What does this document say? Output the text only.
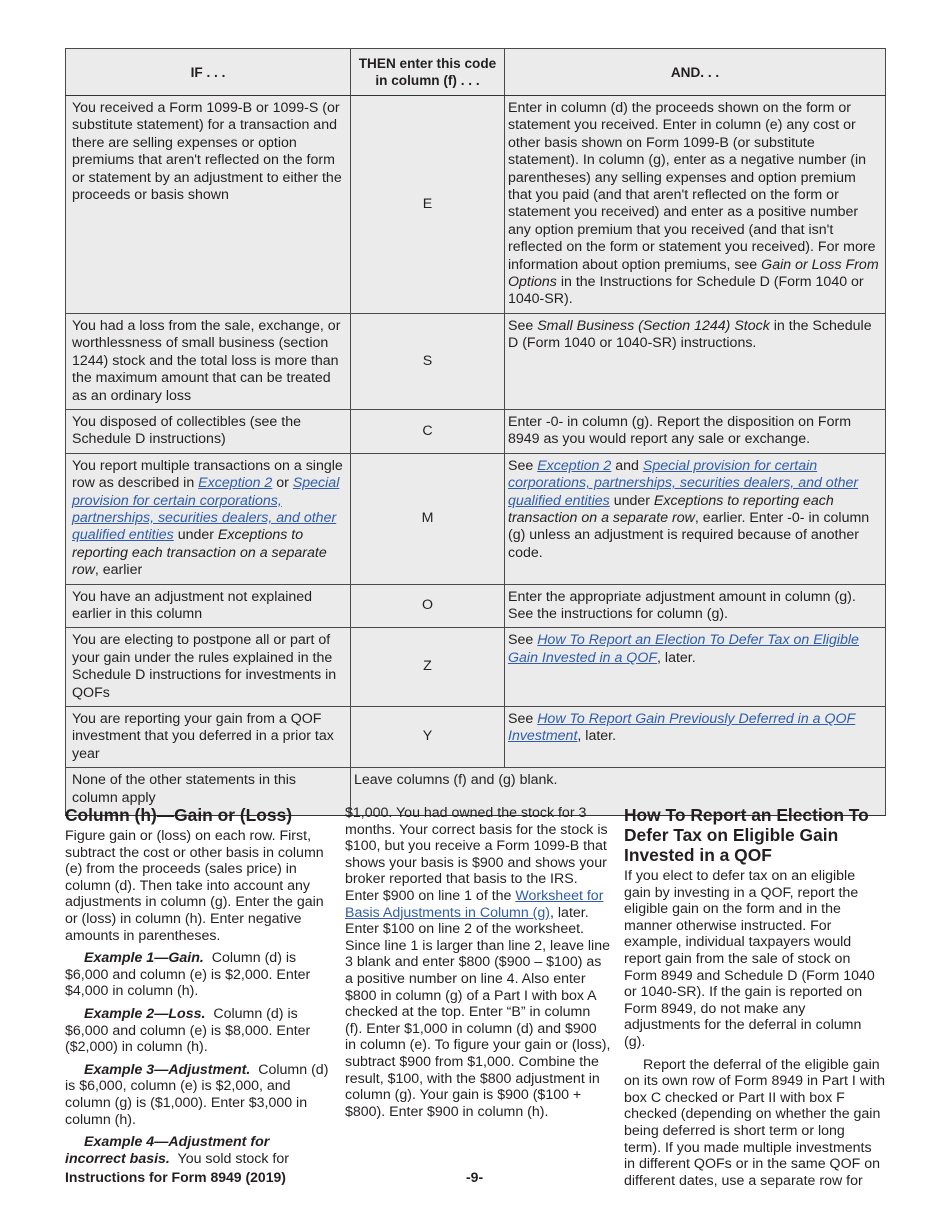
IF . . .	THEN enter this code in column (f) . . .	AND. . .
You received a Form 1099-B or 1099-S (or substitute statement) for a transaction and there are selling expenses or option premiums that aren't reflected on the form or statement by an adjustment to either the proceeds or basis shown	E	Enter in column (d) the proceeds shown on the form or statement you received. Enter in column (e) any cost or other basis shown on Form 1099-B (or substitute statement). In column (g), enter as a negative number (in parentheses) any selling expenses and option premium that you paid (and that aren't reflected on the form or statement you received) and enter as a positive number any option premium that you received (and that isn't reflected on the form or statement you received). For more information about option premiums, see Gain or Loss From Options in the Instructions for Schedule D (Form 1040 or 1040-SR).
You had a loss from the sale, exchange, or worthlessness of small business (section 1244) stock and the total loss is more than the maximum amount that can be treated as an ordinary loss	S	See Small Business (Section 1244) Stock in the Schedule D (Form 1040 or 1040-SR) instructions.
You disposed of collectibles (see the Schedule D instructions)	C	Enter -0- in column (g). Report the disposition on Form 8949 as you would report any sale or exchange.
You report multiple transactions on a single row as described in Exception 2 or Special provision for certain corporations, partnerships, securities dealers, and other qualified entities under Exceptions to reporting each transaction on a separate row, earlier	M	See Exception 2 and Special provision for certain corporations, partnerships, securities dealers, and other qualified entities under Exceptions to reporting each transaction on a separate row, earlier. Enter -0- in column (g) unless an adjustment is required because of another code.
You have an adjustment not explained earlier in this column	O	Enter the appropriate adjustment amount in column (g). See the instructions for column (g).
You are electing to postpone all or part of your gain under the rules explained in the Schedule D instructions for investments in QOFs	Z	See How To Report an Election To Defer Tax on Eligible Gain Invested in a QOF, later.
You are reporting your gain from a QOF investment that you deferred in a prior tax year	Y	See How To Report Gain Previously Deferred in a QOF Investment, later.
None of the other statements in this column apply	Leave columns (f) and (g) blank.	
Column (h)—Gain or (Loss)

Figure gain or (loss) on each row. First, subtract the cost or other basis in column (e) from the proceeds (sales price) in column (d). Then take into account any adjustments in column (g). Enter the gain or (loss) in column (h). Enter negative amounts in parentheses.

Example 1—Gain. Column (d) is $6,000 and column (e) is $2,000. Enter $4,000 in column (h).

Example 2—Loss. Column (d) is $6,000 and column (e) is $8,000. Enter ($2,000) in column (h).

Example 3—Adjustment. Column (d) is $6,000, column (e) is $2,000, and column (g) is ($1,000). Enter $3,000 in column (h).

Example 4—Adjustment for incorrect basis. You sold stock for

$1,000. You had owned the stock for 3 months. Your correct basis for the stock is $100, but you receive a Form 1099-B that shows your basis is $900 and shows your broker reported that basis to the IRS. Enter $900 on line 1 of the Worksheet for Basis Adjustments in Column (g), later. Enter $100 on line 2 of the worksheet. Since line 1 is larger than line 2, leave line 3 blank and enter $800 ($900 – $100) as a positive number on line 4. Also enter $800 in column (g) of a Part I with box A checked at the top. Enter “B” in column (f). Enter $1,000 in column (d) and $900 in column (e). To figure your gain or (loss), subtract $900 from $1,000. Combine the result, $100, with the $800 adjustment in column (g). Your gain is $900 ($100 + $800). Enter $900 in column (h).

How To Report an Election To Defer Tax on Eligible Gain Invested in a QOF

If you elect to defer tax on an eligible gain by investing in a QOF, report the eligible gain on the form and in the manner otherwise instructed. For example, individual taxpayers would report gain from the sale of stock on Form 8949 and Schedule D (Form 1040 or 1040-SR). If the gain is reported on Form 8949, do not make any adjustments for the deferral in column (g).

Report the deferral of the eligible gain on its own row of Form 8949 in Part I with box C checked or Part II with box F checked (depending on whether the gain being deferred is short term or long term). If you made multiple investments in different QOFs or in the same QOF on different dates, use a separate row for

Instructions for Form 8949 (2019)	-9-
